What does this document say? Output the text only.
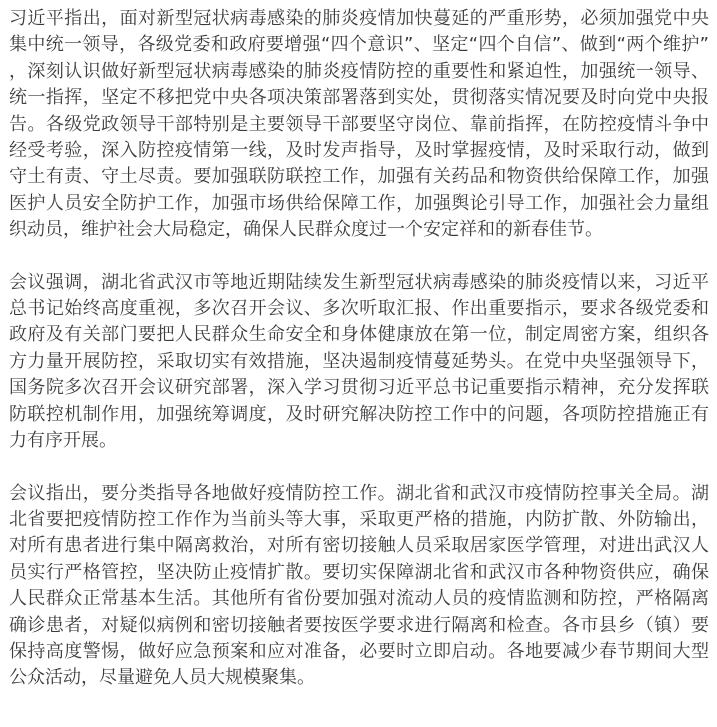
习近平指出，面对新型冠状病毒感染的肺炎疫情加快蔓延的严重形势，必须加强党中央集中统一领导，各级党委和政府要增强“四个意识”、坚定“四个自信”、做到“两个维护”，深刻认识做好新型冠状病毒感染的肺炎疫情防控的重要性和紧迫性，加强统一领导、统一指挥，坚定不移把党中央各项决策部署落到实处，贯彻落实情况要及时向党中央报告。各级党政领导干部特别是主要领导干部要坚守岗位、靠前指挥，在防控疫情斗争中经受考验，深入防控疫情第一线，及时发声指导，及时掌握疫情，及时采取行动，做到守土有责、守土尽责。要加强联防联控工作，加强有关药品和物资供给保障工作，加强医护人员安全防护工作，加强市场供给保障工作，加强舆论引导工作，加强社会力量组织动员，维护社会大局稳定，确保人民群众度过一个安定祥和的新春佳节。

会议强调，湖北省武汉市等地近期陆续发生新型冠状病毒感染的肺炎疫情以来，习近平总书记始终高度重视，多次召开会议、多次听取汇报、作出重要指示，要求各级党委和政府及有关部门要把人民群众生命安全和身体健康放在第一位，制定周密方案，组织各方力量开展防控，采取切实有效措施，坚决遏制疫情蔓延势头。在党中央坚强领导下，国务院多次召开会议研究部署，深入学习贯彻习近平总书记重要指示精神，充分发挥联防联控机制作用，加强统筹调度，及时研究解决防控工作中的问题，各项防控措施正有力有序开展。

会议指出，要分类指导各地做好疫情防控工作。湖北省和武汉市疫情防控事关全局。湖北省要把疫情防控工作作为当前头等大事，采取更严格的措施，内防扩散、外防输出，对所有患者进行集中隔离救治，对所有密切接触人员采取居家医学管理，对进出武汉人员实行严格管控，坚决防止疫情扩散。要切实保障湖北省和武汉市各种物资供应，确保人民群众正常基本生活。其他所有省份要加强对流动人员的疫情监测和防控，严格隔离确诊患者，对疑似病例和密切接触者要按医学要求进行隔离和检查。各市县乡（镇）要保持高度警惕，做好应急预案和应对准备，必要时立即启动。各地要减少春节期间大型公众活动，尽量避免人员大规模聚集。
